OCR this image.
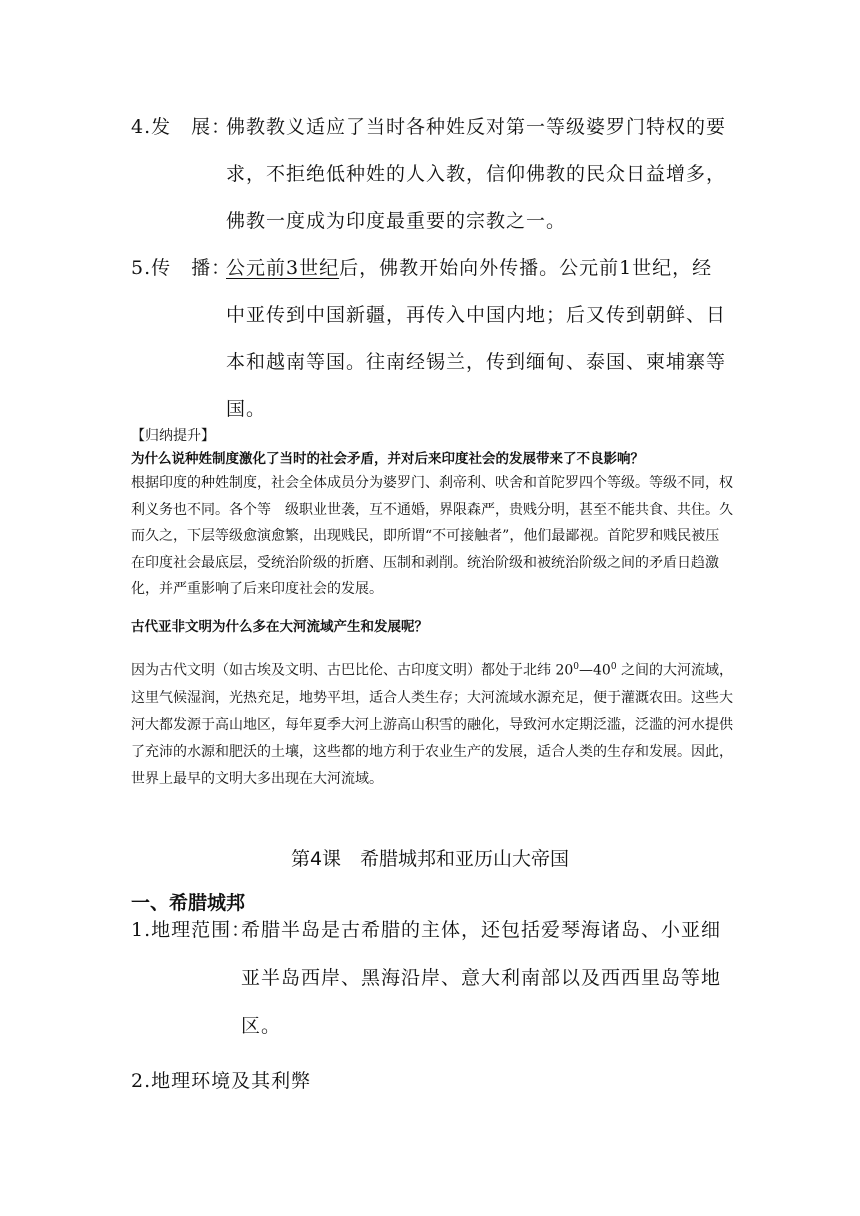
4.发　展：
佛教教义适应了当时各种姓反对第一等级婆罗门特权的要求，不拒绝低种姓的人入教，信仰佛教的民众日益增多，佛教一度成为印度最重要的宗教之一。
5.传　播：
公元前3世纪后，佛教开始向外传播。公元前1世纪，经中亚传到中国新疆，再传入中国内地；后又传到朝鲜、日本和越南等国。往南经锡兰，传到缅甸、泰国、柬埔寨等国。
【归纳提升】
为什么说种姓制度激化了当时的社会矛盾，并对后来印度社会的发展带来了不良影响？
根据印度的种姓制度，社会全体成员分为婆罗门、刹帝利、吠舍和首陀罗四个等级。等级不同，权利义务也不同。各个等　级职业世袭，互不通婚，界限森严，贵贱分明，甚至不能共食、共住。久而久之，下层等级愈演愈繁，出现贱民，即所谓“不可接触者”，他们最鄙视。首陀罗和贱民被压在印度社会最底层，受统治阶级的折磨、压制和剥削。统治阶级和被统治阶级之间的矛盾日趋激化，并严重影响了后来印度社会的发展。
古代亚非文明为什么多在大河流域产生和发展呢？
因为古代文明（如古埃及文明、古巴比伦、古印度文明）都处于北纬 $20^0—40^0$ 之间的大河流域，这里气候湿润，光热充足，地势平坦，适合人类生存；大河流域水源充足，便于灌溉农田。这些大河大都发源于高山地区，每年夏季大河上游高山积雪的融化，导致河水定期泛滥，泛滥的河水提供了充沛的水源和肥沃的土壤，这些都的地方利于农业生产的发展，适合人类的生存和发展。因此，世界上最早的文明大多出现在大河流域。
第4课　希腊城邦和亚历山大帝国
一、希腊城邦
1.地理范围：
希腊半岛是古希腊的主体，还包括爱琴海诸岛、小亚细亚半岛西岸、黑海沿岸、意大利南部以及西西里岛等地区。
2.地理环境及其利弊
